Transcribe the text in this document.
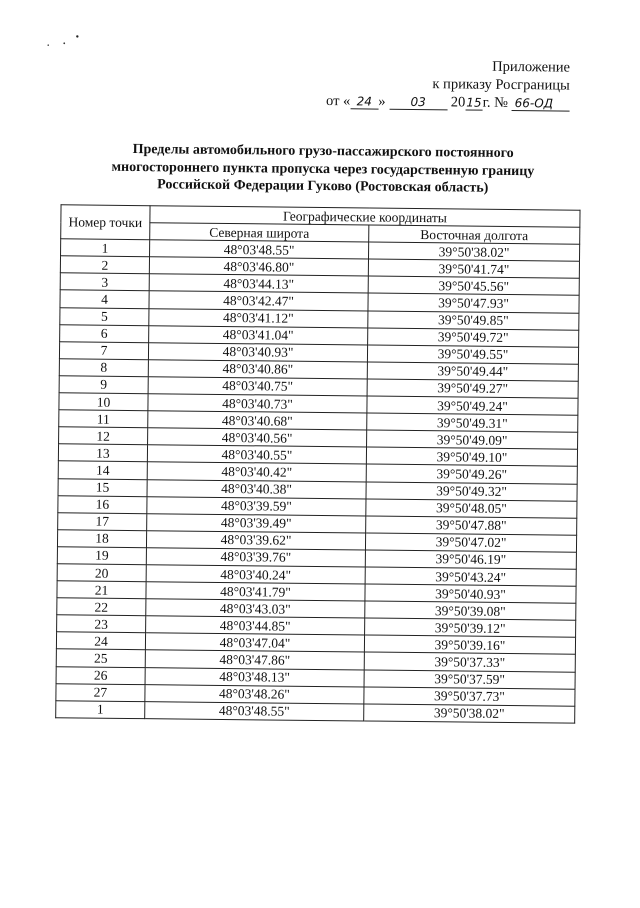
Приложение
к приказу Росграницы
от « 24 » 03 2015г. № 66-ОД
Пределы автомобильного грузо-пассажирского постоянного
многостороннего пункта пропуска через государственную границу
Российской Федерации Гуково (Ростовская область)
Номер точки	Географические координаты	
	Северная широта	Восточная долгота
1	48°03'48.55"	39°50'38.02"
2	48°03'46.80"	39°50'41.74"
3	48°03'44.13"	39°50'45.56"
4	48°03'42.47"	39°50'47.93"
5	48°03'41.12"	39°50'49.85"
6	48°03'41.04"	39°50'49.72"
7	48°03'40.93"	39°50'49.55"
8	48°03'40.86"	39°50'49.44"
9	48°03'40.75"	39°50'49.27"
10	48°03'40.73"	39°50'49.24"
11	48°03'40.68"	39°50'49.31"
12	48°03'40.56"	39°50'49.09"
13	48°03'40.55"	39°50'49.10"
14	48°03'40.42"	39°50'49.26"
15	48°03'40.38"	39°50'49.32"
16	48°03'39.59"	39°50'48.05"
17	48°03'39.49"	39°50'47.88"
18	48°03'39.62"	39°50'47.02"
19	48°03'39.76"	39°50'46.19"
20	48°03'40.24"	39°50'43.24"
21	48°03'41.79"	39°50'40.93"
22	48°03'43.03"	39°50'39.08"
23	48°03'44.85"	39°50'39.12"
24	48°03'47.04"	39°50'39.16"
25	48°03'47.86"	39°50'37.33"
26	48°03'48.13"	39°50'37.59"
27	48°03'48.26"	39°50'37.73"
1	48°03'48.55"	39°50'38.02"
